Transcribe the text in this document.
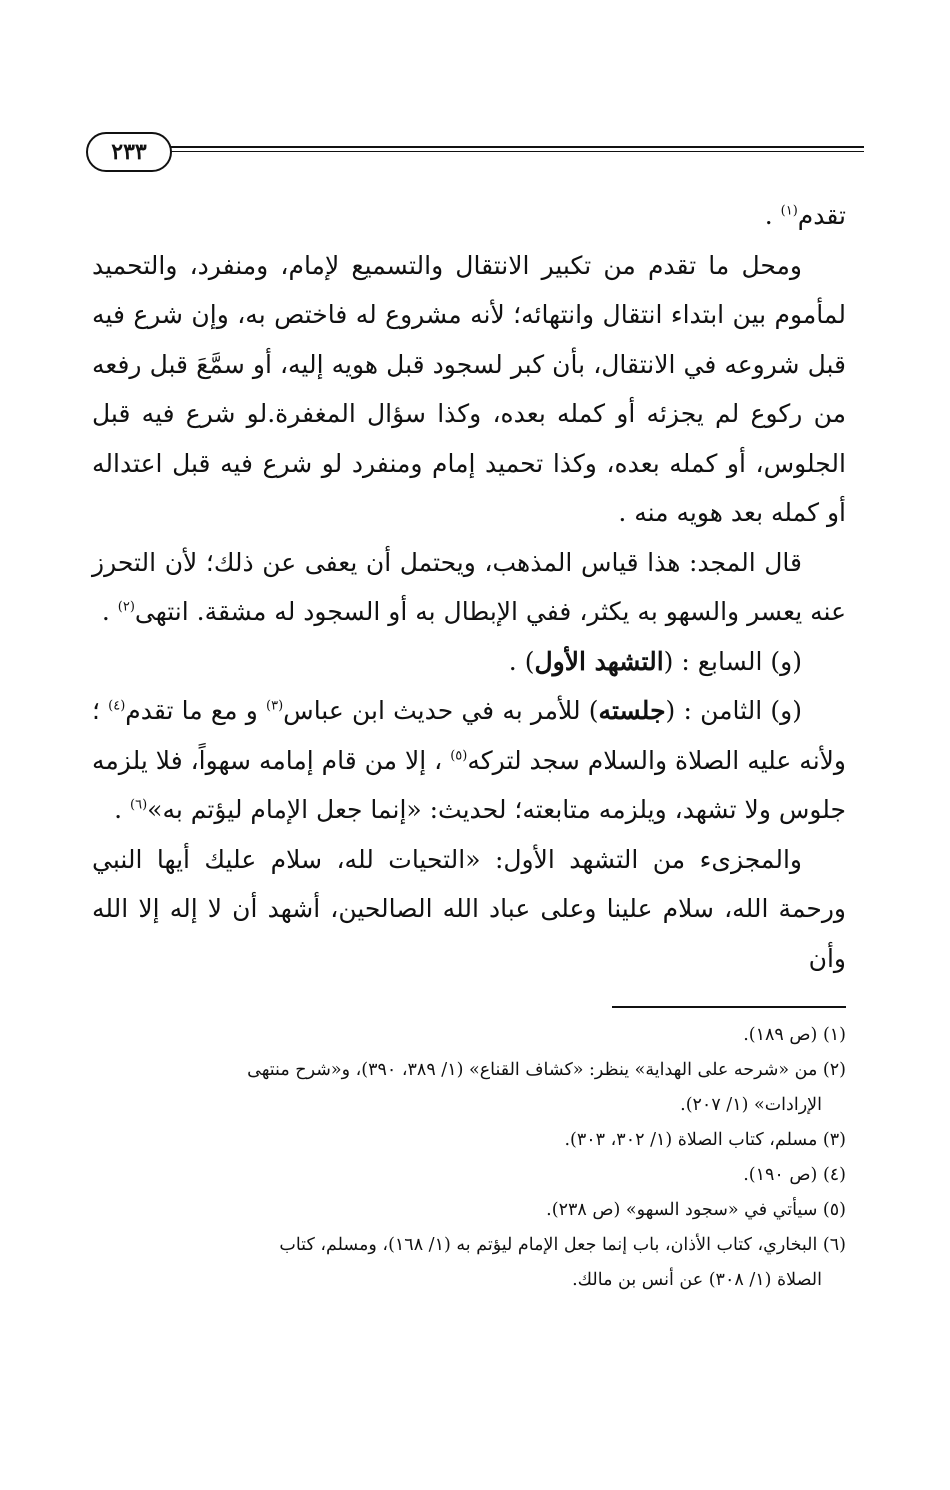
٢٣٣

تقدم$^{(١)}$ .

ومحل ما تقدم من تكبير الانتقال والتسميع لإمام، ومنفرد، والتحميد لمأموم بين ابتداء انتقال وانتهائه؛ لأنه مشروع له فاختص به، وإن شرع فيه قبل شروعه في الانتقال، بأن كبر لسجود قبل هويه إليه، أو سمَّعَ قبل رفعه من ركوع لم يجزئه أو كمله بعده، وكذا سؤال المغفرة.لو شرع فيه قبل الجلوس، أو كمله بعده، وكذا تحميد إمام ومنفرد لو شرع فيه قبل اعتداله أو كمله بعد هويه منه .

قال المجد: هذا قياس المذهب، ويحتمل أن يعفى عن ذلك؛ لأن التحرز عنه يعسر والسهو به يكثر، ففي الإبطال به أو السجود له مشقة. انتهى$^{(٢)}$ .

(و) السابع : (التشهد الأول) .

(و) الثامن : (جلسته) للأمر به في حديث ابن عباس$^{(٣)}$ و مع ما تقدم$^{(٤)}$ ؛ ولأنه عليه الصلاة والسلام سجد لتركه$^{(٥)}$ ، إلا من قام إمامه سهواً، فلا يلزمه جلوس ولا تشهد، ويلزمه متابعته؛ لحديث: «إنما جعل الإمام ليؤتم به»$^{(٦)}$ .

والمجزىء من التشهد الأول: «التحيات لله، سلام عليك أيها النبي ورحمة الله، سلام علينا وعلى عباد الله الصالحين، أشهد أن لا إله إلا الله وأن

(١) (ص ١٨٩).

(٢) من «شرحه على الهداية» ينظر: «كشاف القناع» (١/ ٣٨٩، ٣٩٠)، و«شرح منتهى

الإرادات» (١/ ٢٠٧).

(٣) مسلم، كتاب الصلاة (١/ ٣٠٢، ٣٠٣).

(٤) (ص ١٩٠).

(٥) سيأتي في «سجود السهو» (ص ٢٣٨).

(٦) البخاري، كتاب الأذان، باب إنما جعل الإمام ليؤتم به (١/ ١٦٨)، ومسلم، كتاب

الصلاة (١/ ٣٠٨) عن أنس بن مالك.
